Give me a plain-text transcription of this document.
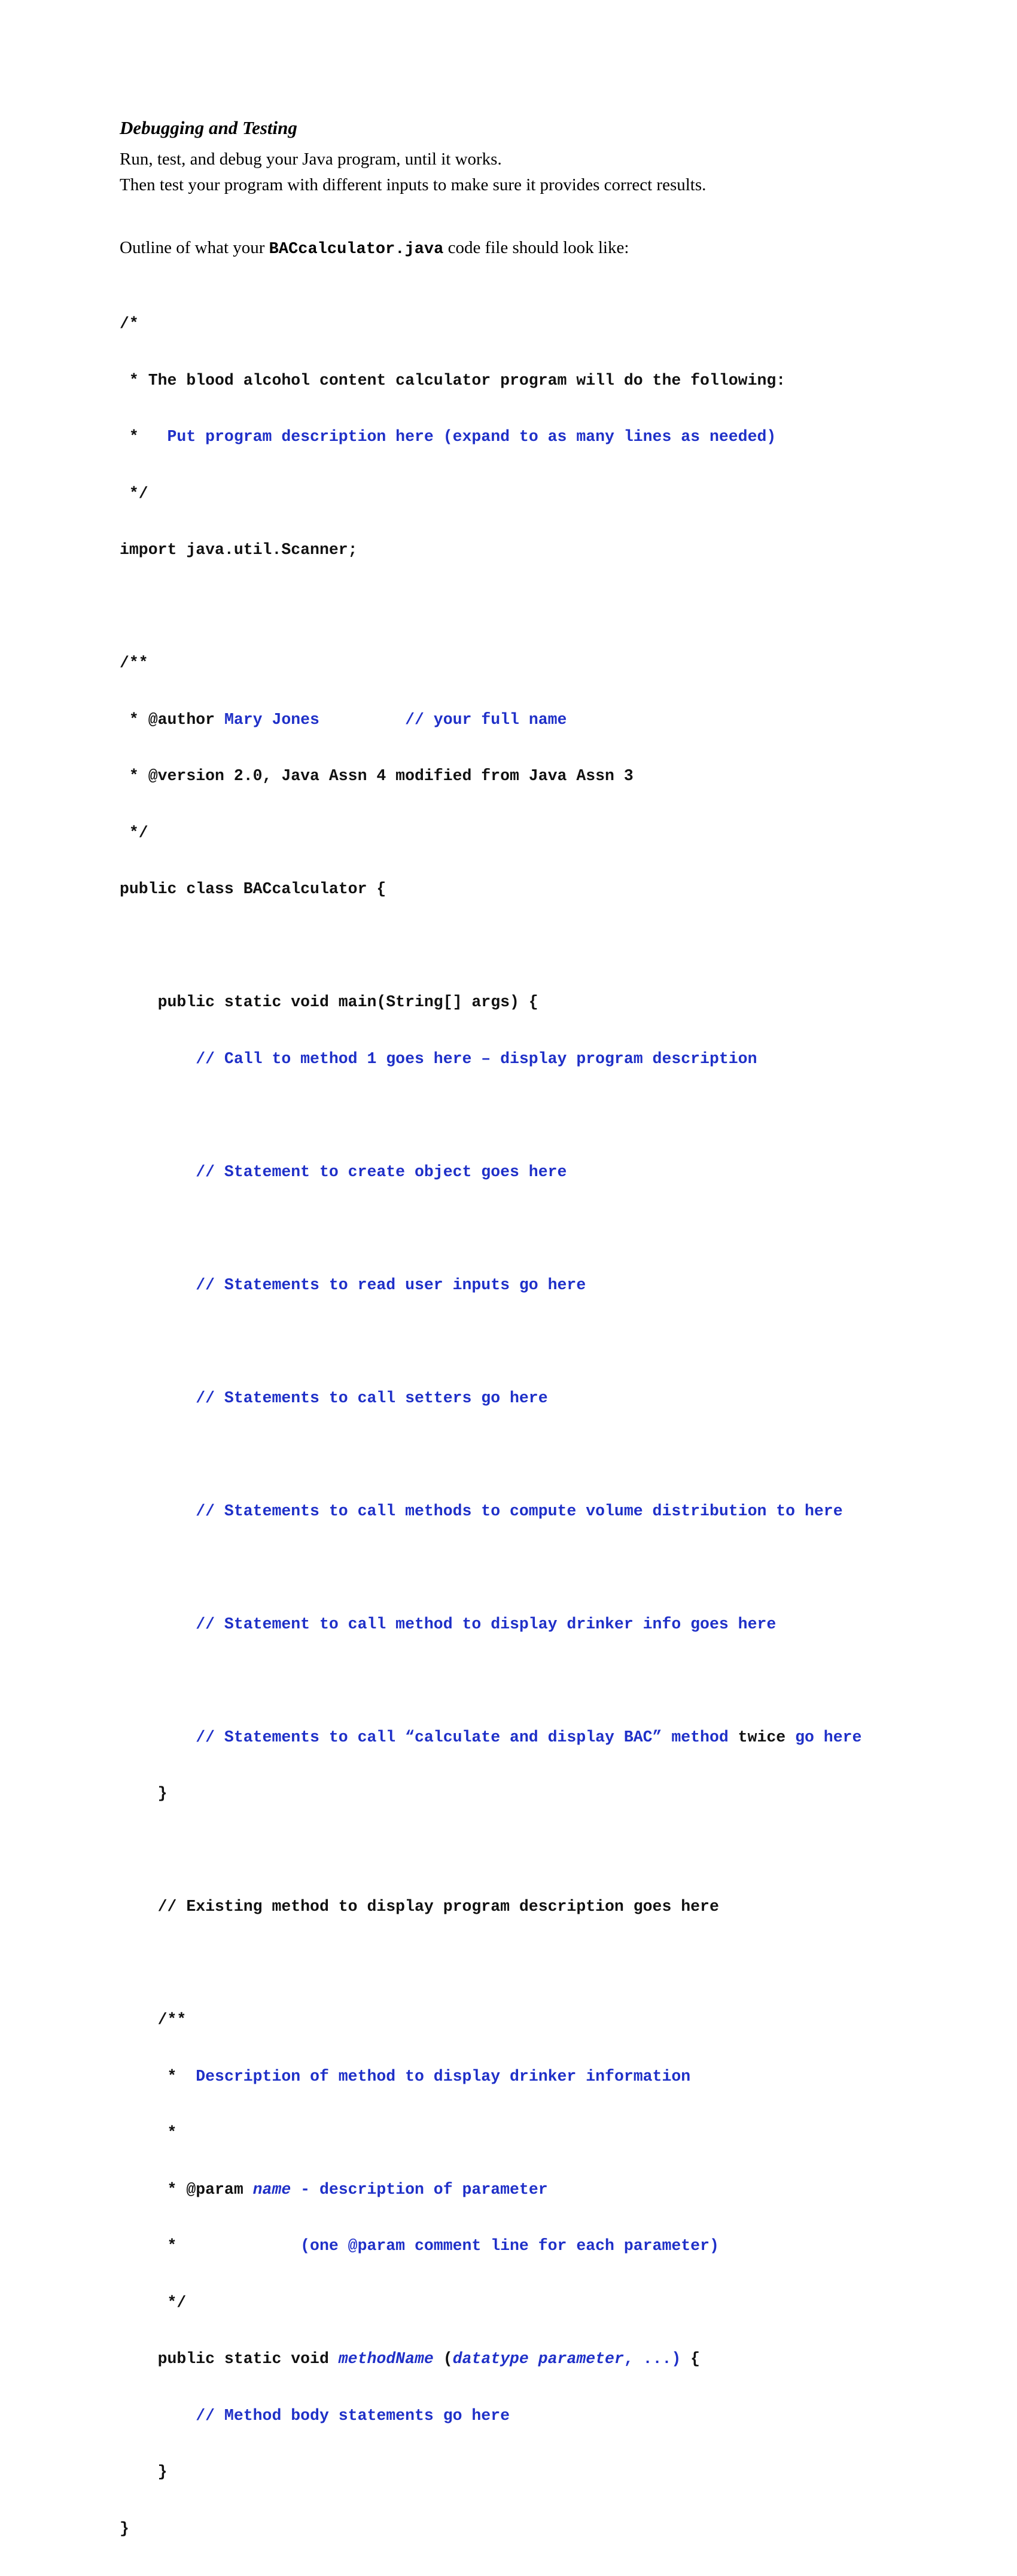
Debugging and Testing

Run, test, and debug your Java program, until it works.

Then test your program with different inputs to make sure it provides correct results.

Outline of what your BACcalculator.java code file should look like:

/*

* The blood alcohol content calculator program will do the following:

*   Put program description here (expand to as many lines as needed)

*/

import java.util.Scanner;

/**

* @author Mary Jones         // your full name

* @version 2.0, Java Assn 4 modified from Java Assn 3

*/

public class BACcalculator {

public static void main(String[] args) {

// Call to method 1 goes here – display program description

// Statement to create object goes here

// Statements to read user inputs go here

// Statements to call setters go here

// Statements to call methods to compute volume distribution to here

// Statement to call method to display drinker info goes here

// Statements to call “calculate and display BAC” method twice go here

}

// Existing method to display program description goes here

/**

*  Description of method to display drinker information

*

* @param name - description of parameter

*             (one @param comment line for each parameter)

*/

public static void methodName (datatype parameter, ...) {

// Method body statements go here

}

}
